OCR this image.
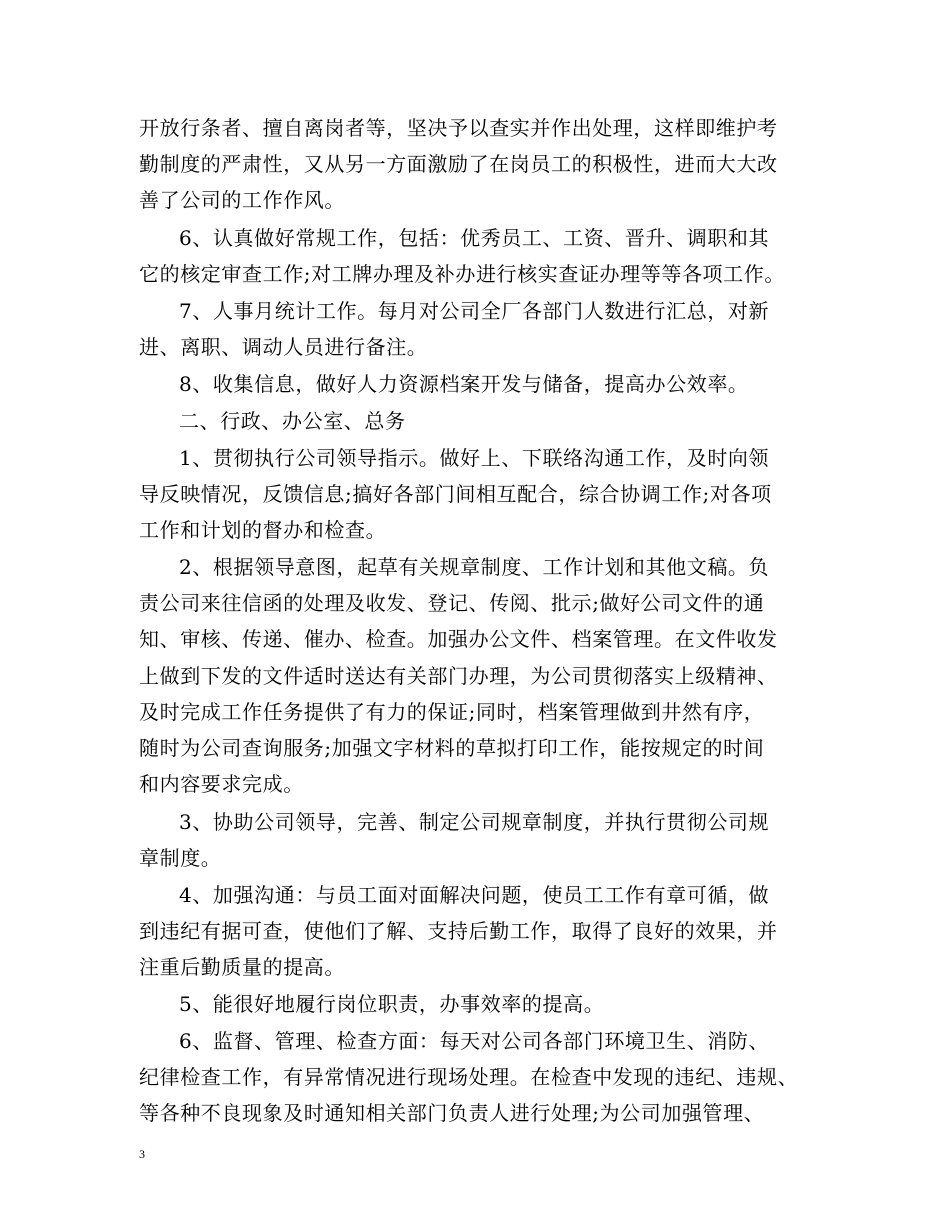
开放行条者、擅自离岗者等，坚决予以查实并作出处理，这样即维护考
勤制度的严肃性，又从另一方面激励了在岗员工的积极性，进而大大改
善了公司的工作作风。
6、认真做好常规工作，包括：优秀员工、工资、晋升、调职和其
它的核定审查工作;对工牌办理及补办进行核实查证办理等等各项工作。
7、人事月统计工作。每月对公司全厂各部门人数进行汇总，对新
进、离职、调动人员进行备注。
8、收集信息，做好人力资源档案开发与储备，提高办公效率。
二、行政、办公室、总务
1、贯彻执行公司领导指示。做好上、下联络沟通工作，及时向领
导反映情况，反馈信息;搞好各部门间相互配合，综合协调工作;对各项
工作和计划的督办和检查。
2、根据领导意图，起草有关规章制度、工作计划和其他文稿。负
责公司来往信函的处理及收发、登记、传阅、批示;做好公司文件的通
知、审核、传递、催办、检查。加强办公文件、档案管理。在文件收发
上做到下发的文件适时送达有关部门办理，为公司贯彻落实上级精神、
及时完成工作任务提供了有力的保证;同时，档案管理做到井然有序，
随时为公司查询服务;加强文字材料的草拟打印工作，能按规定的时间
和内容要求完成。
3、协助公司领导，完善、制定公司规章制度，并执行贯彻公司规
章制度。
4、加强沟通：与员工面对面解决问题，使员工工作有章可循，做
到违纪有据可查，使他们了解、支持后勤工作，取得了良好的效果，并
注重后勤质量的提高。
5、能很好地履行岗位职责，办事效率的提高。
6、监督、管理、检查方面：每天对公司各部门环境卫生、消防、
纪律检查工作，有异常情况进行现场处理。在检查中发现的违纪、违规、
等各种不良现象及时通知相关部门负责人进行处理;为公司加强管理、
3
